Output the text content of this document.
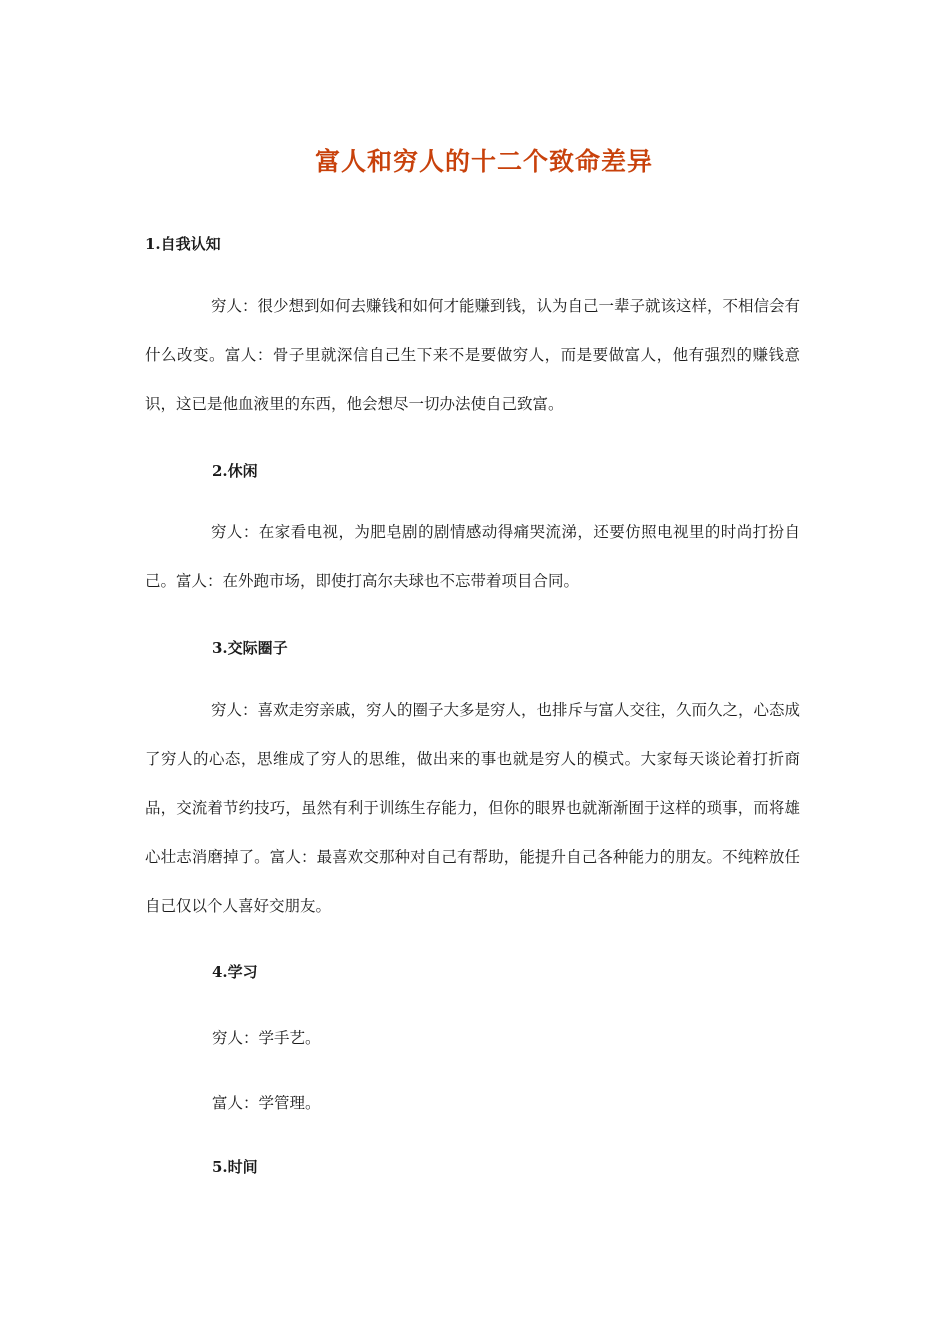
富人和穷人的十二个致命差异
1.自我认知
穷人：很少想到如何去赚钱和如何才能赚到钱，认为自己一辈子就该这样，不相信会有什么改变。富人：骨子里就深信自己生下来不是要做穷人，而是要做富人，他有强烈的赚钱意识，这已是他血液里的东西，他会想尽一切办法使自己致富。
2.休闲
穷人：在家看电视，为肥皂剧的剧情感动得痛哭流涕，还要仿照电视里的时尚打扮自己。富人：在外跑市场，即使打高尔夫球也不忘带着项目合同。
3.交际圈子
穷人：喜欢走穷亲戚，穷人的圈子大多是穷人，也排斥与富人交往，久而久之，心态成了穷人的心态，思维成了穷人的思维，做出来的事也就是穷人的模式。大家每天谈论着打折商品，交流着节约技巧，虽然有利于训练生存能力，但你的眼界也就渐渐囿于这样的琐事，而将雄心壮志消磨掉了。富人：最喜欢交那种对自己有帮助，能提升自己各种能力的朋友。不纯粹放任自己仅以个人喜好交朋友。
4.学习
穷人：学手艺。
富人：学管理。
5.时间
